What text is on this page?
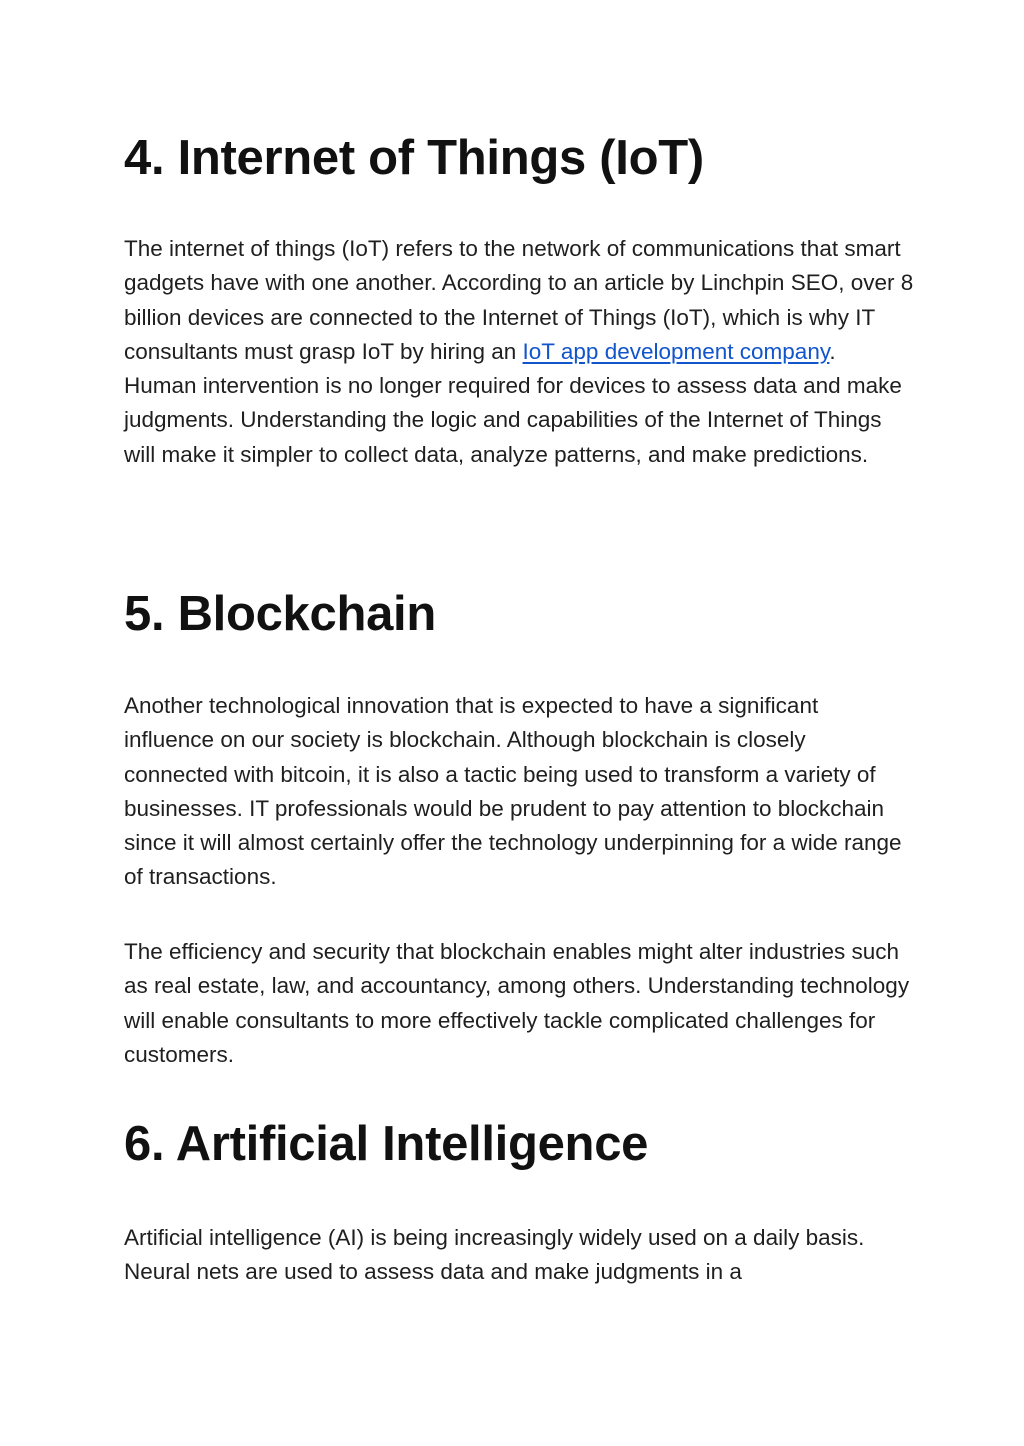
4. Internet of Things (IoT)

The internet of things (IoT) refers to the network of communications that smart gadgets have with one another. According to an article by Linchpin SEO, over 8 billion devices are connected to the Internet of Things (IoT), which is why IT consultants must grasp IoT by hiring an IoT app development company. Human intervention is no longer required for devices to assess data and make judgments. Understanding the logic and capabilities of the Internet of Things will make it simpler to collect data, analyze patterns, and make predictions.

5. Blockchain

Another technological innovation that is expected to have a significant influence on our society is blockchain. Although blockchain is closely connected with bitcoin, it is also a tactic being used to transform a variety of businesses. IT professionals would be prudent to pay attention to blockchain since it will almost certainly offer the technology underpinning for a wide range of transactions.

The efficiency and security that blockchain enables might alter industries such as real estate, law, and accountancy, among others. Understanding technology will enable consultants to more effectively tackle complicated challenges for customers.

6. Artificial Intelligence

Artificial intelligence (AI) is being increasingly widely used on a daily basis. Neural nets are used to assess data and make judgments in a
